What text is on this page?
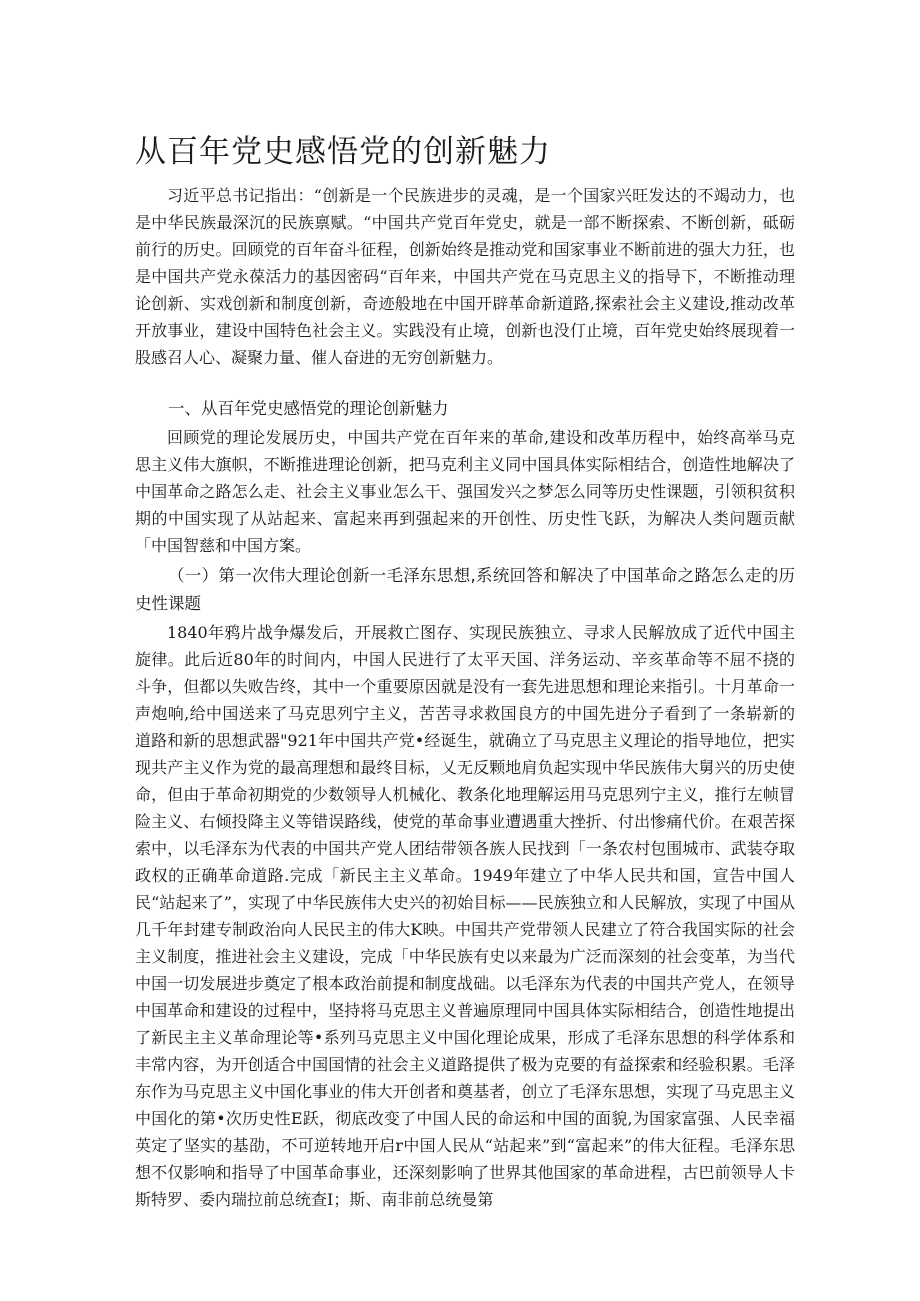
从百年党史感悟党的创新魅力

习近平总书记指出：“创新是一个民族进步的灵魂，是一个国家兴旺发达的不竭动力，也是中华民族最深沉的民族禀赋。“中国共产党百年党史，就是一部不断探索、不断创新，砥砺前行的历史。回顾党的百年奋斗征程，创新始终是推动党和国家事业不断前进的强大力狂，也是中国共产党永葆活力的基因密码“百年来，中国共产党在马克思主义的指导下，不断推动理论创新、实戏创新和制度创新，奇迹般地在中国开辟革命新道路,探索社会主义建设,推动改革开放事业，建设中国特色社会主义。实践没有止境，创新也没仃止境，百年党史始终展现着一股感召人心、凝聚力量、催人奋进的无穷创新魅力。

一、从百年党史感悟党的理论创新魅力

回顾党的理论发展历史，中国共产党在百年来的革命,建设和改革历程中，始终高举马克思主义伟大旗帜，不断推进理论创新，把马克利主义同中国具体实际相结合，创造性地解决了中国革命之路怎么走、社会主义事业怎么干、强国发兴之梦怎么同等历史性课题，引领积贫积期的中国实现了从站起来、富起来再到强起来的开创性、历史性飞跃，为解决人类问题贡献「中国智慈和中国方案。

（一）第一次伟大理论创新一毛泽东思想,系统回答和解决了中国革命之路怎么走的历史性课题

1840年鸦片战争爆发后，开展救亡图存、实现民族独立、寻求人民解放成了近代中国主旋律。此后近80年的时间内，中国人民进行了太平天国、洋务运动、辛亥革命等不屈不挠的斗争，但都以失败告终，其中一个重要原因就是没有一套先进思想和理论来指引。十月革命一声炮响,给中国送来了马克思列宁主义，苦苦寻求救国良方的中国先进分子看到了一条崭新的道路和新的思想武器"921年中国共产党•经诞生，就确立了马克思主义理论的指导地位，把实现共产主义作为党的最高理想和最终目标，乂无反颗地肩负起实现中华民族伟大舅兴的历史使命，但由于革命初期党的少数领导人机械化、教条化地理解运用马克思列宁主义，推行左帧冒险主义、右倾投降主义等错误路线，使党的革命事业遭遇重大挫折、付出惨痛代价。在艰苦探索中，以毛泽东为代表的中国共产党人团结带领各族人民找到「一条农村包围城市、武装夺取政权的正确革命道路.完成「新民主主义革命。1949年建立了中华人民共和国，宣告中国人民“站起来了”，实现了中华民族伟大史兴的初始目标——民族独立和人民解放，实现了中国从几千年封建专制政治向人民民主的伟大K映。中国共产党带领人民建立了符合我国实际的社会主义制度，推进社会主义建设，完成「中华民族有史以来最为广泛而深刻的社会变革，为当代中国一切发展进步奠定了根本政治前提和制度战础。以毛泽东为代表的中国共产党人，在领导中国革命和建设的过程中，坚持将马克思主义普遍原理同中国具体实际相结合，创造性地提出了新民主主义革命理论等•系列马克思主义中国化理论成果，形成了毛泽东思想的科学体系和丰常内容，为开创适合中国国情的社会主义道路提供了极为克要的有益探索和经验积累。毛泽东作为马克思主义中国化事业的伟大开创者和奠基者，创立了毛泽东思想，实现了马克思主义中国化的第•次历史性E跃，彻底改变了中国人民的命运和中国的面貌,为国家富强、人民幸福英定了坚实的基劭，不可逆转地开启r中国人民从“站起来”到“富起来”的伟大征程。毛泽东思想不仅影响和指导了中国革命事业，还深刻影响了世界其他国家的革命进程，古巴前领导人卡斯特罗、委内瑞拉前总统查I；斯、南非前总统曼第
